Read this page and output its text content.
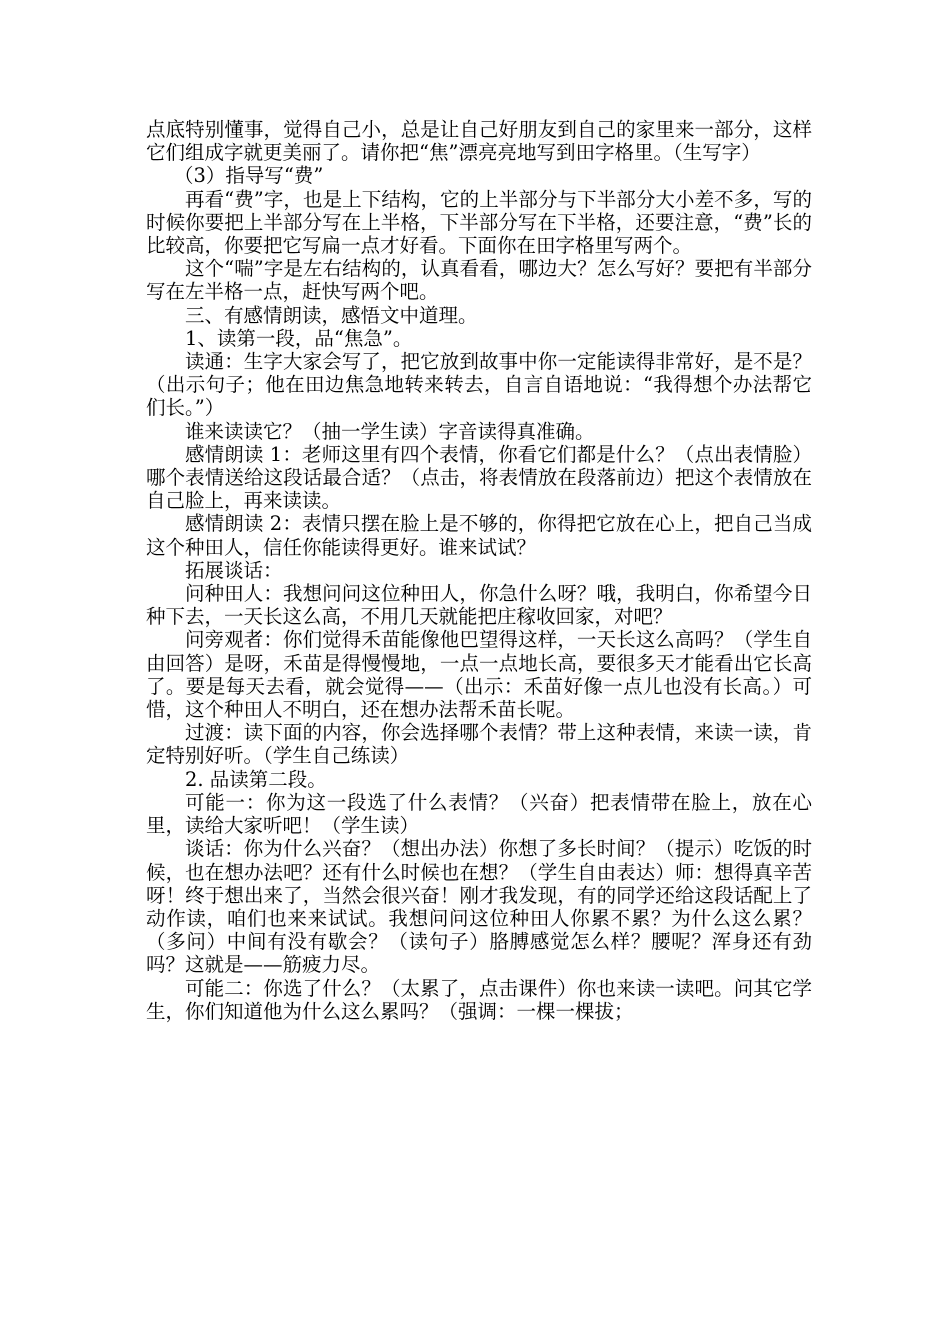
点底特别懂事，觉得自己小，总是让自己好朋友到自己的家里来一部分，这样它们组成字就更美丽了。请你把“焦”漂亮亮地写到田字格里。（生写字）

（3）指导写“费”

再看“费”字，也是上下结构，它的上半部分与下半部分大小差不多，写的时候你要把上半部分写在上半格，下半部分写在下半格，还要注意，“费”长的比较高，你要把它写扁一点才好看。下面你在田字格里写两个。

这个“喘”字是左右结构的，认真看看，哪边大？怎么写好？要把有半部分写在左半格一点，赶快写两个吧。

三、有感情朗读，感悟文中道理。

1、读第一段，品“焦急”。

读通：生字大家会写了，把它放到故事中你一定能读得非常好，是不是？（出示句子；他在田边焦急地转来转去，自言自语地说：“我得想个办法帮它们长。”）

谁来读读它？（抽一学生读）字音读得真准确。

感情朗读 1：老师这里有四个表情，你看它们都是什么？（点出表情脸）哪个表情送给这段话最合适？（点击，将表情放在段落前边）把这个表情放在自己脸上，再来读读。

感情朗读 2：表情只摆在脸上是不够的，你得把它放在心上，把自己当成这个种田人，信任你能读得更好。谁来试试？

拓展谈话：

问种田人：我想问问这位种田人，你急什么呀？哦，我明白，你希望今日种下去，一天长这么高，不用几天就能把庄稼收回家，对吧？

问旁观者：你们觉得禾苗能像他巴望得这样，一天长这么高吗？（学生自由回答）是呀，禾苗是得慢慢地，一点一点地长高，要很多天才能看出它长高了。要是每天去看，就会觉得——（出示：禾苗好像一点儿也没有长高。）可惜，这个种田人不明白，还在想办法帮禾苗长呢。

过渡：读下面的内容，你会选择哪个表情？带上这种表情，来读一读，肯定特别好听。（学生自己练读）

2. 品读第二段。

可能一：你为这一段选了什么表情？（兴奋）把表情带在脸上，放在心里，读给大家听吧！（学生读）

谈话：你为什么兴奋？（想出办法）你想了多长时间？（提示）吃饭的时候，也在想办法吧？还有什么时候也在想？（学生自由表达）师：想得真辛苦呀！终于想出来了，当然会很兴奋！刚才我发现，有的同学还给这段话配上了动作读，咱们也来来试试。我想问问这位种田人你累不累？为什么这么累？（多问）中间有没有歇会？（读句子）胳膊感觉怎么样？腰呢？浑身还有劲吗？这就是——筋疲力尽。

可能二：你选了什么？（太累了，点击课件）你也来读一读吧。问其它学生，你们知道他为什么这么累吗？（强调：一棵一棵拔；
